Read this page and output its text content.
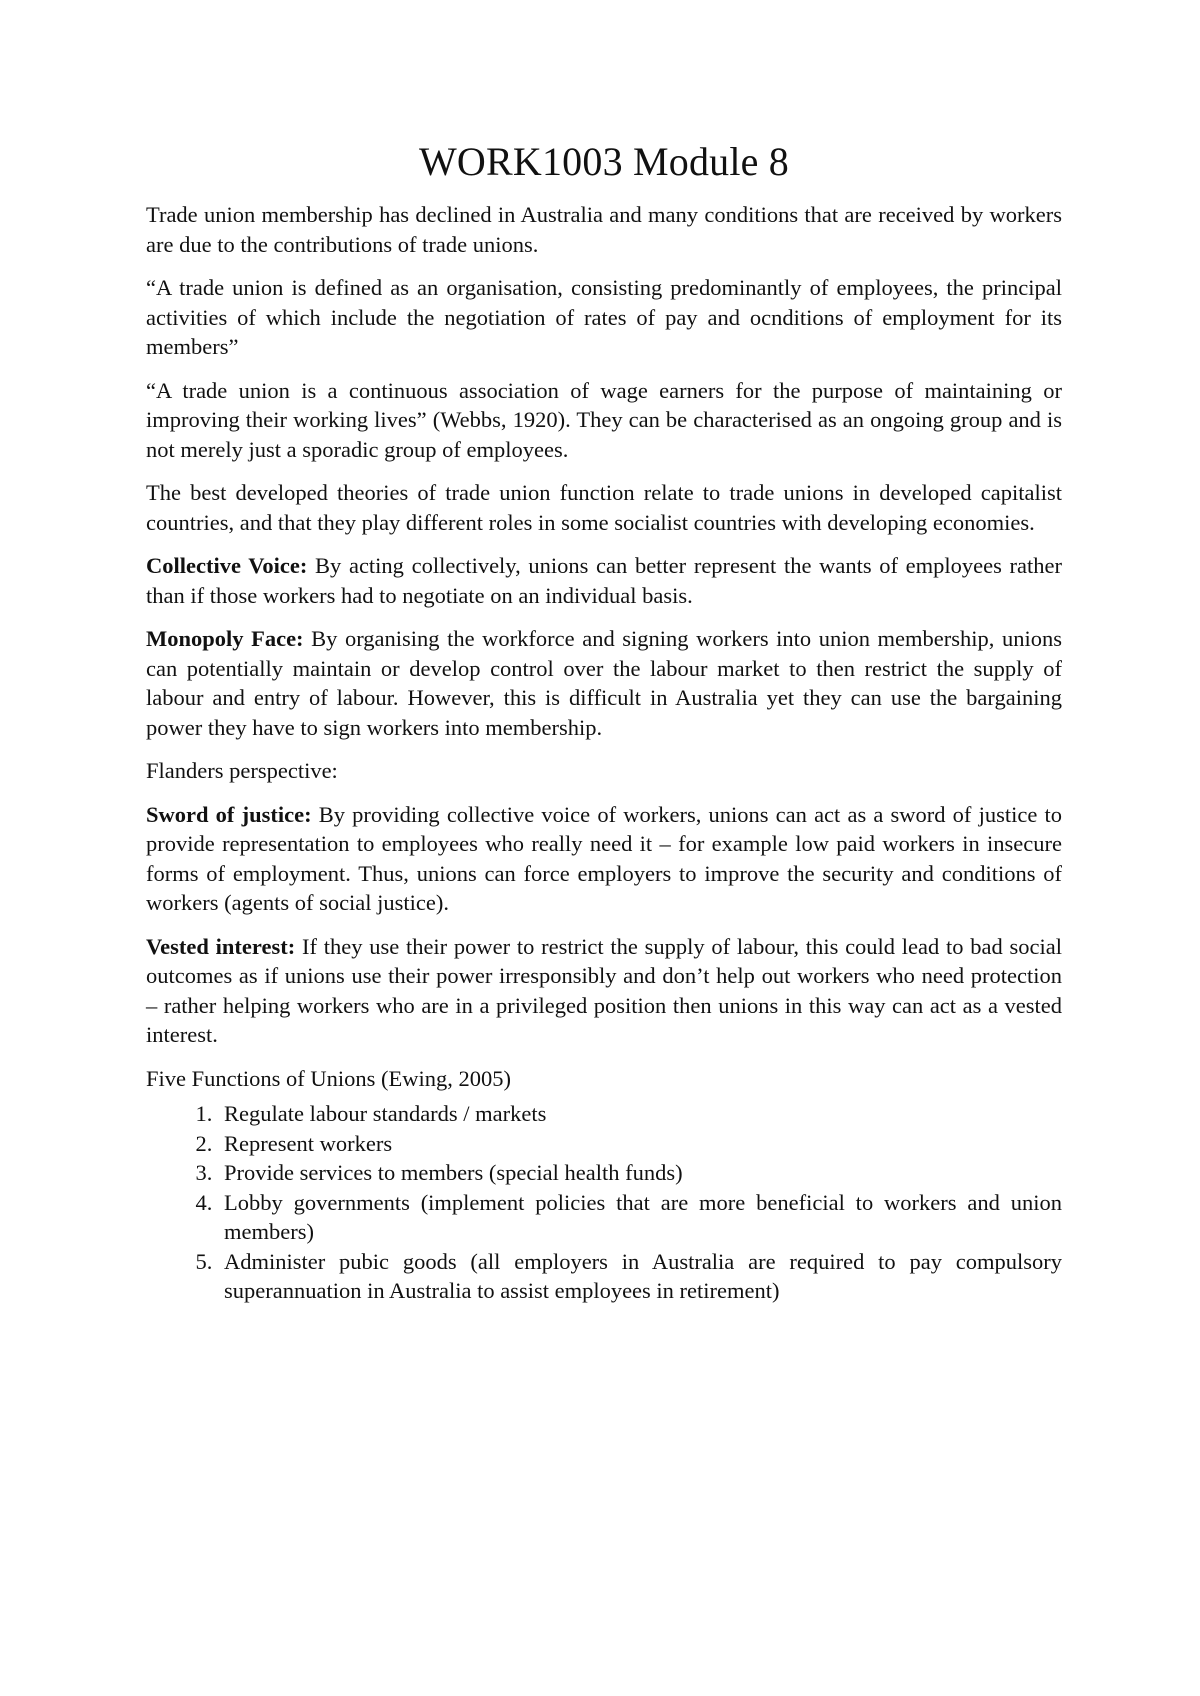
WORK1003 Module 8

Trade union membership has declined in Australia and many conditions that are received by workers are due to the contributions of trade unions.

“A trade union is defined as an organisation, consisting predominantly of employees, the principal activities of which include the negotiation of rates of pay and ocnditions of employment for its members”

“A trade union is a continuous association of wage earners for the purpose of maintaining or improving their working lives” (Webbs, 1920). They can be characterised as an ongoing group and is not merely just a sporadic group of employees.

The best developed theories of trade union function relate to trade unions in developed capitalist countries, and that they play different roles in some socialist countries with developing economies.

Collective Voice: By acting collectively, unions can better represent the wants of employees rather than if those workers had to negotiate on an individual basis.

Monopoly Face: By organising the workforce and signing workers into union membership, unions can potentially maintain or develop control over the labour market to then restrict the supply of labour and entry of labour. However, this is difficult in Australia yet they can use the bargaining power they have to sign workers into membership.

Flanders perspective:

Sword of justice: By providing collective voice of workers, unions can act as a sword of justice to provide representation to employees who really need it – for example low paid workers in insecure forms of employment. Thus, unions can force employers to improve the security and conditions of workers (agents of social justice).

Vested interest: If they use their power to restrict the supply of labour, this could lead to bad social outcomes as if unions use their power irresponsibly and don’t help out workers who need protection – rather helping workers who are in a privileged position then unions in this way can act as a vested interest.

Five Functions of Unions (Ewing, 2005)

1. Regulate labour standards / markets
2. Represent workers
3. Provide services to members (special health funds)
4. Lobby governments (implement policies that are more beneficial to workers and union members)
5. Administer pubic goods (all employers in Australia are required to pay compulsory superannuation in Australia to assist employees in retirement)
